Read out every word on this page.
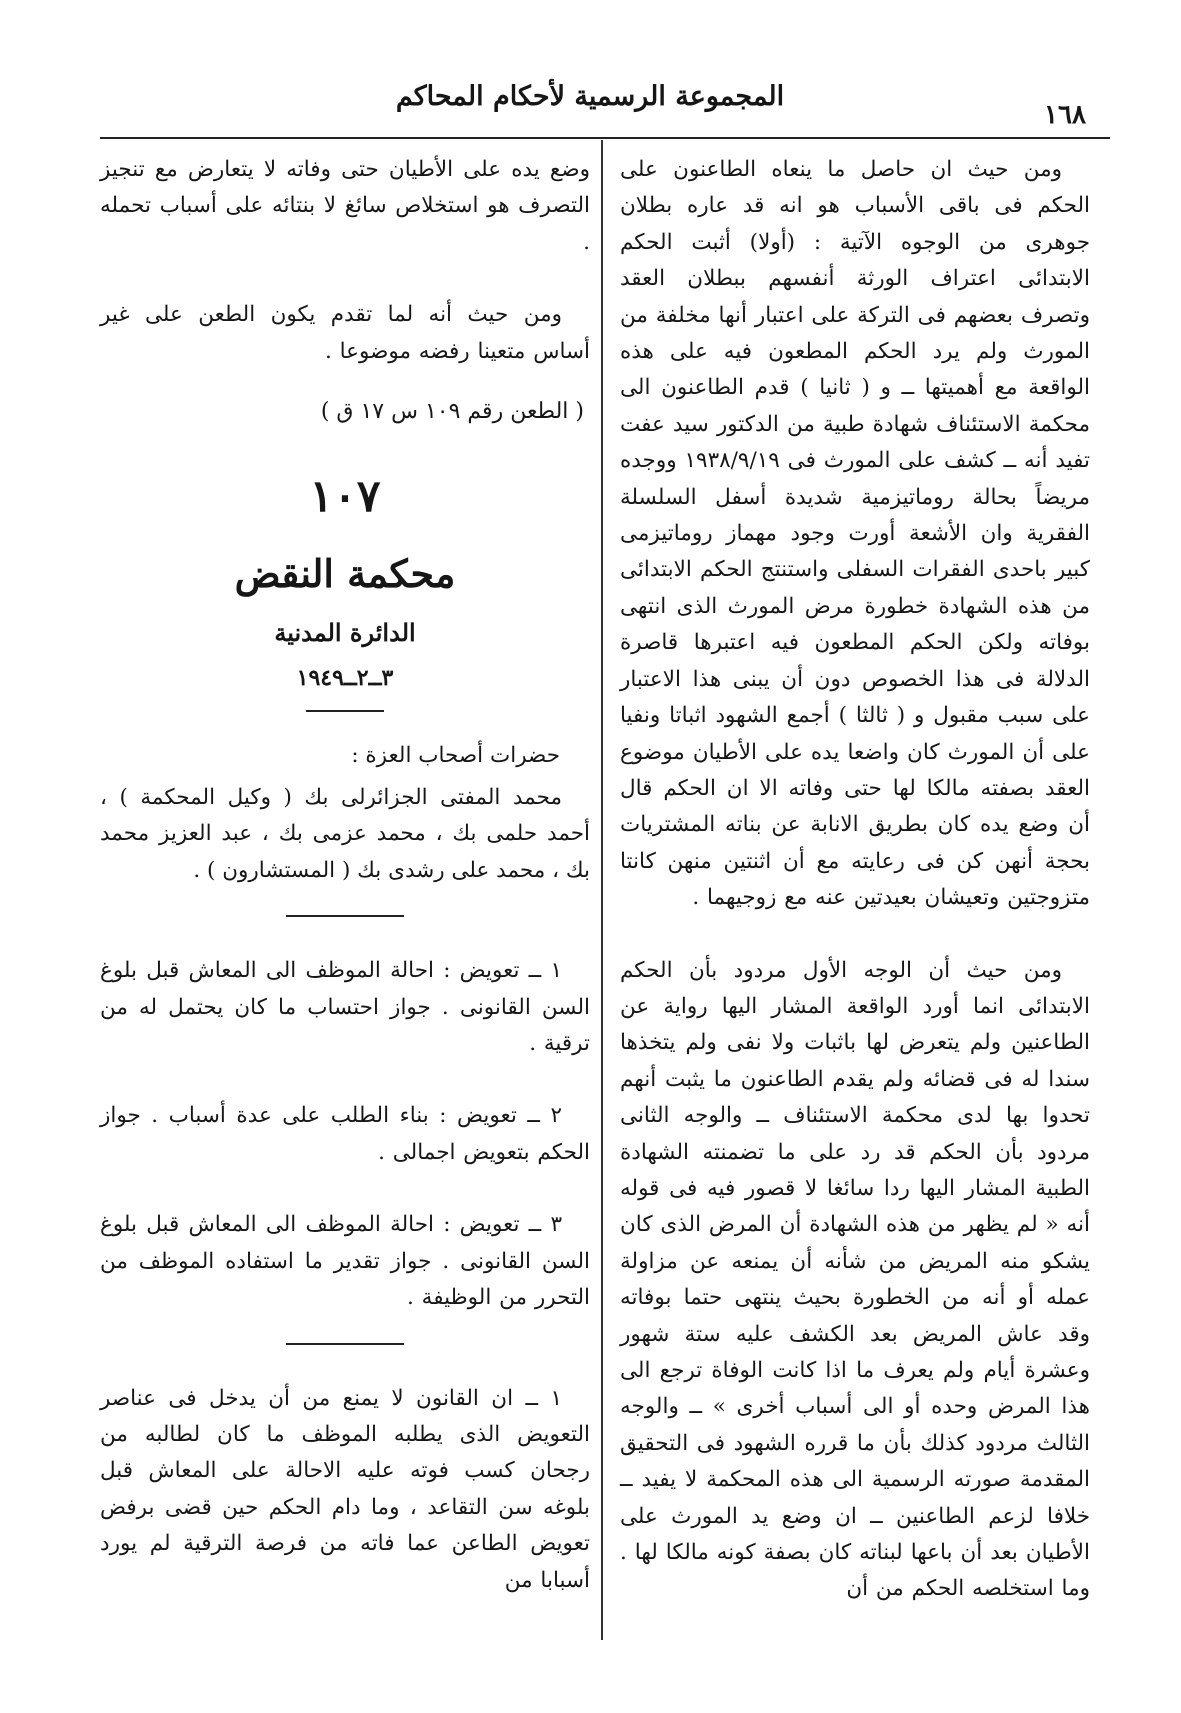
المجموعة الرسمية لأحكام المحاكم
١٦٨

ومن حيث ان حاصل ما ينعاه الطاعنون على الحكم فى باقى الأسباب هو انه قد عاره بطلان جوهرى من الوجوه الآتية : (أولا) أثبت الحكم الابتدائى اعتراف الورثة أنفسهم ببطلان العقد وتصرف بعضهم فى التركة على اعتبار أنها مخلفة من المورث ولم يرد الحكم المطعون فيه على هذه الواقعة مع أهميتها ــ و ( ثانيا ) قدم الطاعنون الى محكمة الاستئناف شهادة طبية من الدكتور سيد عفت تفيد أنه ــ كشف على المورث فى ١٩٣٨/٩/١٩ ووجده مريضاً بحالة روماتيزمية شديدة أسفل السلسلة الفقرية وان الأشعة أورت وجود مهماز روماتيزمى كبير باحدى الفقرات السفلى واستنتج الحكم الابتدائى من هذه الشهادة خطورة مرض المورث الذى انتهى بوفاته ولكن الحكم المطعون فيه اعتبرها قاصرة الدلالة فى هذا الخصوص دون أن يبنى هذا الاعتبار على سبب مقبول و ( ثالثا ) أجمع الشهود اثباتا ونفيا على أن المورث كان واضعا يده على الأطيان موضوع العقد بصفته مالكا لها حتى وفاته الا ان الحكم قال أن وضع يده كان بطريق الانابة عن بناته المشتريات بحجة أنهن كن فى رعايته مع أن اثنتين منهن كانتا متزوجتين وتعيشان بعيدتين عنه مع زوجيهما .

ومن حيث أن الوجه الأول مردود بأن الحكم الابتدائى انما أورد الواقعة المشار اليها رواية عن الطاعنين ولم يتعرض لها باثبات ولا نفى ولم يتخذها سندا له فى قضائه ولم يقدم الطاعنون ما يثبت أنهم تحدوا بها لدى محكمة الاستئناف ــ والوجه الثانى مردود بأن الحكم قد رد على ما تضمنته الشهادة الطبية المشار اليها ردا سائغا لا قصور فيه فى قوله أنه « لم يظهر من هذه الشهادة أن المرض الذى كان يشكو منه المريض من شأنه أن يمنعه عن مزاولة عمله أو أنه من الخطورة بحيث ينتهى حتما بوفاته وقد عاش المريض بعد الكشف عليه ستة شهور وعشرة أيام ولم يعرف ما اذا كانت الوفاة ترجع الى هذا المرض وحده أو الى أسباب أخرى » ــ والوجه الثالث مردود كذلك بأن ما قرره الشهود فى التحقيق المقدمة صورته الرسمية الى هذه المحكمة لا يفيد ــ خلافا لزعم الطاعنين ــ ان وضع يد المورث على الأطيان بعد أن باعها لبناته كان بصفة كونه مالكا لها . وما استخلصه الحكم من أن

وضع يده على الأطيان حتى وفاته لا يتعارض مع تنجيز التصرف هو استخلاص سائغ لا بنتائه على أسباب تحمله .

ومن حيث أنه لما تقدم يكون الطعن على غير أساس متعينا رفضه موضوعا .

( الطعن رقم ١٠٩ س ١٧ ق )

١٠٧
محكمة النقض
الدائرة المدنية
٣ــ٢ــ١٩٤٩

حضرات أصحاب العزة :

محمد المفتى الجزائرلى بك ( وكيل المحكمة ) ، أحمد حلمى بك ، محمد عزمى بك ، عبد العزيز محمد بك ، محمد على رشدى بك ( المستشارون ) .

١ ــ تعويض : احالة الموظف الى المعاش قبل بلوغ السن القانونى . جواز احتساب ما كان يحتمل له من ترقية .

٢ ــ تعويض : بناء الطلب على عدة أسباب . جواز الحكم بتعويض اجمالى .

٣ ــ تعويض : احالة الموظف الى المعاش قبل بلوغ السن القانونى . جواز تقدير ما استفاده الموظف من التحرر من الوظيفة .

١ ــ ان القانون لا يمنع من أن يدخل فى عناصر التعويض الذى يطلبه الموظف ما كان لطالبه من رجحان كسب فوته عليه الاحالة على المعاش قبل بلوغه سن التقاعد ، وما دام الحكم حين قضى برفض تعويض الطاعن عما فاته من فرصة الترقية لم يورد أسبابا من
